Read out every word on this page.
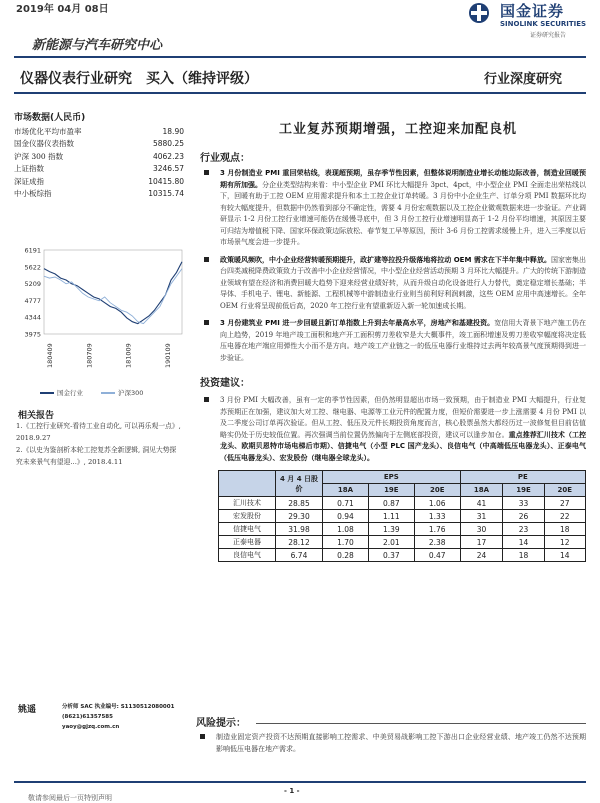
2019年 04月 08日	国金证券
SINOLINK SECURITIES
证券研究报告
新能源与汽车研究中心
仪器仪表行业研究　买入（维持评级）	行业深度研究
市场数据(人民币)
市场优化平均市盈率	18.90
国金仪器仪表指数	5880.25
沪深 300 指数	4062.23
上证指数	3246.57
深证成指	10415.80
中小板综指	10315.74
6191
5622
5209
4777
4344
3975
180409	180709	181009	190109
国金行业	沪深300
相关报告
1.《工控行业研究-看待工业自动化, 可以再乐观一点》, 2018.9.27
2.《以史为鉴剖析本轮工控复苏全新逻辑, 洞见大势探究未来景气有望迎...》, 2018.4.11
姚遥	分析师 SAC 执业编号: S1130512080001
(8621)61357585
yaoy@gjzq.com.cn
工业复苏预期增强，工控迎来加配良机
行业观点：
3 月份制造业 PMI 重回荣枯线，表现超预期，虽存季节性因素，但整体说明制造业增长动能边际改善，制造业回暖预期有所加强。分企业类型结构来看：中小型企业 PMI 环比大幅提升 3pct、4pct，中小型企业 PMI 全面走出荣枯线以下，回暖有助于工控 OEM 应用需求提升和本土工控企业订单转暖。3 月份中小企业生产、订单分项 PMI 数据环比均有较大幅度提升，但数据中仍然看到部分不确定性，需要 4 月份宏观数据以及工控企业微观数据来进一步验证。产业调研显示 1-2 月份工控行业增速可能仍在缓慢寻底中，但 3 月份工控行业增速明显高于 1-2 月份平均增速，其原因主要可归结为增值税下降、国家环保政策边际放松、春节复工早等原因，预计 3-6 月份工控需求缓慢上升，进入三季度以后市场景气度会进一步提升。
政策暖风频吹，中小企业经营转暖预期提升，政扩建等拉投升级落地将拉动 OEM 需求在下半年集中释放。国家密集出台四类减税降费政策致力于改善中小企业经营情况，中小型企业经营活动预期 3 月环比大幅提升。广大的传统下游制造业领域有望在经济和消费回暖大趋势下迎来经营业绩好转，从而升级自动化设备进行人力替代，奠定稳定增长基础；半导体、手机电子、锂电、新能源、工程机械等中游制造业行业则当前利好利润刺激，这些 OEM 应用中高速增长。全年 OEM 行业将呈现前低后高，2020 年工控行业有望重新迈入新一轮加速成长期。
3 月份建筑业 PMI 进一步回暖且新订单指数上升到去年最高水平，房地产和基建投资。宽信用大背景下地产施工仍在向上趋势，2019 年地产竣工面积和地产开工面积剪刀差收窄是大大概事件，竣工面积增速及剪刀差收窄幅度将决定低压电器在地产端应用弹性大小而不是方向。地产竣工产业链之一的低压电器行业维持过去两年较高景气度预期得到进一步验证。
投资建议：
3 月份 PMI 大幅改善，虽有一定的季节性因素，但仍然明显超出市场一致预期，由于制造业 PMI 大幅提升，行业复苏预期正在加强，建议加大对工控、继电器、电源等工业元件的配置力度，但短价需要进一步上涨需要 4 月份 PMI 以及二季度公司订单再次验证。但从工控、低压及元件长期投资角度而言，核心股票虽然大都经历过一波修复但目前估值略实仍处于历史较低位置。再次强调当前位置仍然偏向于左侧底部投资，建议可以逢步加仓。重点推荐汇川技术（工控龙头、欧期贝恩特市场电梯后市期）、信捷电气（小型 PLC 国产龙头）、良信电气（中高端低压电器龙头）、正泰电气（低压电器龙头）、宏发股份（继电器全球龙头）。
	4 月 4 日股价	EPS			PE		
		18A	19E	20E	18A	19E	20E
汇川技术	28.85	0.71	0.87	1.06	41	33	27
宏发股份	29.30	0.94	1.11	1.33	31	26	22
信捷电气	31.98	1.08	1.39	1.76	30	23	18
正泰电器	28.12	1.70	2.01	2.38	17	14	12
良信电气	6.74	0.28	0.37	0.47	24	18	14
风险提示：
制造业固定资产投资不达预期直接影响工控需求、中美贸易战影响工控下游出口企业经营业绩、地产竣工仍然不达预期影响低压电器在地产需求。
- 1 -
敬请参阅最后一页特别声明
